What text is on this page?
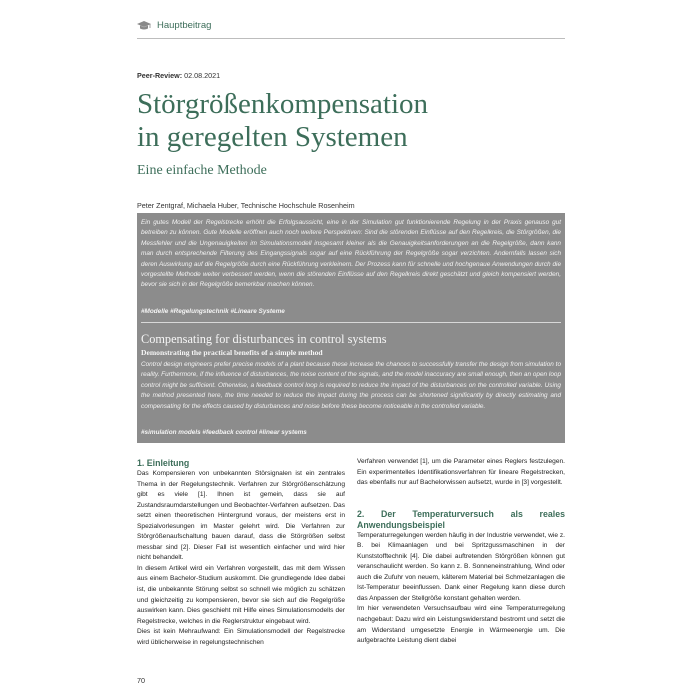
Hauptbeitrag
Peer-Review: 02.08.2021
Störgrößenkompensation
in geregelten Systemen
Eine einfache Methode
Peter Zentgraf, Michaela Huber, Technische Hochschule Rosenheim
Ein gutes Modell der Regelstrecke erhöht die Erfolgsaussicht, eine in der Simulation gut funktionierende Regelung in der Praxis genauso gut betreiben zu können. Gute Modelle eröffnen auch noch weitere Perspektiven: Sind die störenden Einflüsse auf den Regelkreis, die Störgrößen, die Messfehler und die Ungenauigkeiten im Simulationsmodell insgesamt kleiner als die Genauigkeitsanforderungen an die Regelgröße, dann kann man durch entsprechende Filterung des Eingangssignals sogar auf eine Rückführung der Regelgröße sogar verzichten. Andernfalls lassen sich deren Auswirkung auf die Regelgröße durch eine Rückführung verkleinern. Der Prozess kann für schnelle und hochgenaue Anwendungen durch die vorgestellte Methode weiter verbessert werden, wenn die störenden Einflüsse auf den Regelkreis direkt geschätzt und gleich kompensiert werden, bevor sie sich in der Regelgröße bemerkbar machen können.
#Modelle #Regelungstechnik #Lineare Systeme
Compensating for disturbances in control systems
Demonstrating the practical benefits of a simple method
Control design engineers prefer precise models of a plant because these increase the chances to successfully transfer the design from simulation to reality. Furthermore, if the influence of disturbances, the noise content of the signals, and the model inaccuracy are small enough, then an open loop control might be sufficient. Otherwise, a feedback control loop is required to reduce the impact of the disturbances on the controlled variable. Using the method presented here, the time needed to reduce the impact during the process can be shortened significantly by directly estimating and compensating for the effects caused by disturbances and noise before these become noticeable in the controlled variable.
#simulation models #feedback control #linear systems
1. Einleitung

Das Kompensieren von unbekannten Störsignalen ist ein zentrales Thema in der Regelungstechnik. Verfahren zur Störgrößenschätzung gibt es viele [1]. Ihnen ist gemein, dass sie auf Zustandsraumdarstellungen und Beobachter-Verfahren aufsetzen. Das setzt einen theoretischen Hintergrund voraus, der meistens erst in Spezialvorlesungen im Master gelehrt wird. Die Verfahren zur Störgrößenaufschaltung bauen darauf, dass die Störgrößen selbst messbar sind [2]. Dieser Fall ist wesentlich einfacher und wird hier nicht behandelt.

In diesem Artikel wird ein Verfahren vorgestellt, das mit dem Wissen aus einem Bachelor-Studium auskommt. Die grundlegende Idee dabei ist, die unbekannte Störung selbst so schnell wie möglich zu schätzen und gleichzeitig zu kompensieren, bevor sie sich auf die Regelgröße auswirken kann. Dies geschieht mit Hilfe eines Simulationsmodells der Regelstrecke, welches in die Reglerstruktur eingebaut wird.

Dies ist kein Mehraufwand: Ein Simulationsmodell der Regelstrecke wird üblicherweise in regelungstechnischen

Verfahren verwendet [1], um die Parameter eines Reglers festzulegen. Ein experimentelles Identifikationsverfahren für lineare Regelstrecken, das ebenfalls nur auf Bachelorwissen aufsetzt, wurde in [3] vorgestellt.

2. Der Temperaturversuch als reales Anwendungsbeispiel

Temperaturregelungen werden häufig in der Industrie verwendet, wie z. B. bei Klimaanlagen und bei Spritzgussmaschinen in der Kunststofftechnik [4]. Die dabei auftretenden Störgrößen können gut veranschaulicht werden. So kann z. B. Sonneneinstrahlung, Wind oder auch die Zufuhr von neuem, kälterem Material bei Schmelzanlagen die Ist-Temperatur beeinflussen. Dank einer Regelung kann diese durch das Anpassen der Stellgröße konstant gehalten werden.

Im hier verwendeten Versuchsaufbau wird eine Temperaturregelung nachgebaut: Dazu wird ein Leistungswiderstand bestromt und setzt die am Widerstand umgesetzte Energie in Wärmeenergie um. Die aufgebrachte Leistung dient dabei

70
